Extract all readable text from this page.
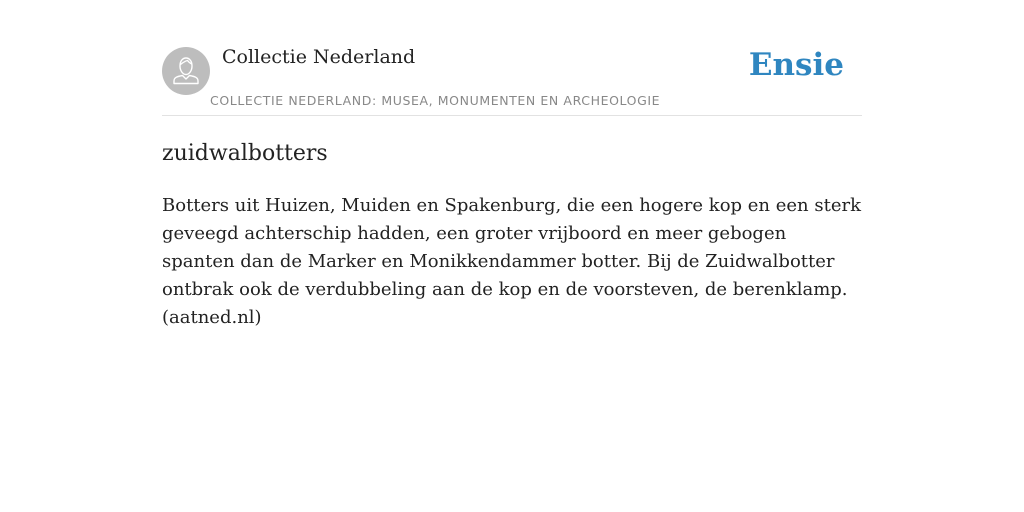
Collectie Nederland
COLLECTIE NEDERLAND: MUSEA, MONUMENTEN EN ARCHEOLOGIE
Ensie
zuidwalbotters

Botters uit Huizen, Muiden en Spakenburg, die een hogere kop en een sterk geveegd achterschip hadden, een groter vrijboord en meer gebogen spanten dan de Marker en Monikkendammer botter. Bij de Zuidwalbotter ontbrak ook de verdubbeling aan de kop en de voorsteven, de berenklamp. (aatned.nl)
